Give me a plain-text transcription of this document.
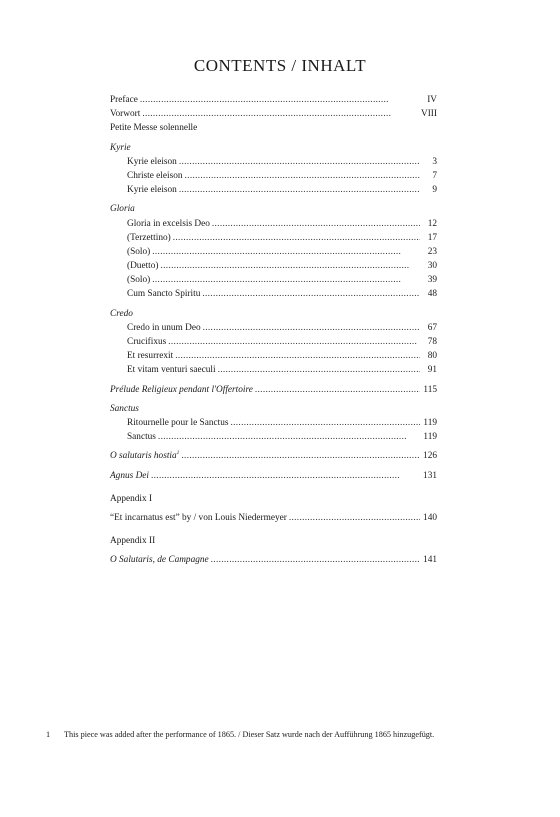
CONTENTS / INHALT
Preface . . .	IV
Vorwort . . .	VIII
Petite Messe solennelle
Kyrie
Kyrie eleison . . .	3
Christe eleison . . .	7
Kyrie eleison . . .	9
Gloria
Gloria in excelsis Deo . . .	12
(Terzettino) . . .	17
(Solo) . . .	23
(Duetto) . . .	30
(Solo) . . .	39
Cum Sancto Spiritu . . .	48
Credo
Credo in unum Deo . . .	67
Crucifixus . . .	78
Et resurrexit . . .	80
Et vitam venturi saeculi . . .	91
Prélude Religieux pendant l'Offertoire . . .	115
Sanctus
Ritournelle pour le Sanctus . . .	119
Sanctus . . .	119
O salutaris hostia$^1$ . . .	126
Agnus Dei . . .	131
Appendix I
“Et incarnatus est” by / von Louis Niedermeyer . . .	140
Appendix II
O Salutaris, de Campagne . . .	141
1 This piece was added after the performance of 1865. / Dieser Satz wurde nach der Aufführung 1865 hinzugefügt.
